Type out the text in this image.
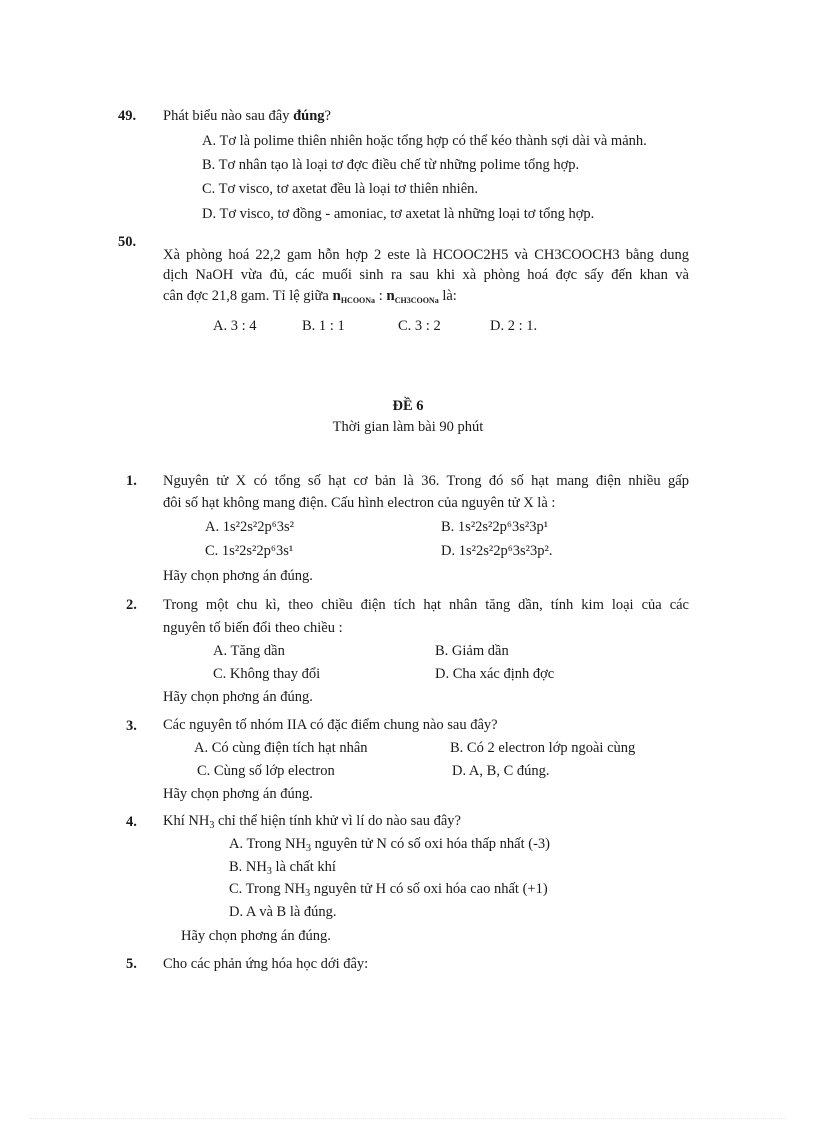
49. Phát biểu nào sau đây đúng?
A. Tơ là polime thiên nhiên hoặc tổng hợp có thể kéo thành sợi dài và mảnh.
B. Tơ nhân tạo là loại tơ đợc điều chế từ những polime tổng hợp.
C. Tơ visco, tơ axetat đều là loại tơ thiên nhiên.
D. Tơ visco, tơ đồng - amoniac, tơ axetat là những loại tơ tổng hợp.
50.
Xà phòng hoá 22,2 gam hỗn hợp 2 este là HCOOC2H5 và CH3COOCH3 bằng dung
dịch NaOH vừa đủ, các muối sinh ra sau khi xà phòng hoá đợc sấy đến khan và
cân đợc 21,8 gam. Tỉ lệ giữa $n_{HCOONa}$ : $n_{CH3COONa}$ là:
A. 3 : 4	B. 1 : 1	C. 3 : 2	D. 2 : 1.
ĐỀ 6
Thời gian làm bài 90 phút
1. Nguyên tử X có tổng số hạt cơ bản là 36. Trong đó số hạt mang điện nhiều gấp
đôi số hạt không mang điện. Cấu hình electron của nguyên tử X là :
A. 1s²2s²2p⁶3s²	B. 1s²2s²2p⁶3s²3p¹
C. 1s²2s²2p⁶3s¹	D. 1s²2s²2p⁶3s²3p².
Hãy chọn phơng án đúng.
2. Trong một chu kì, theo chiều điện tích hạt nhân tăng dần, tính kim loại của các
nguyên tố biến đổi theo chiều :
A. Tăng dần	B. Giảm dần
C. Không thay đổi	D. Cha xác định đợc
Hãy chọn phơng án đúng.
3. Các nguyên tố nhóm IIA có đặc điểm chung nào sau đây?
A. Có cùng điện tích hạt nhân	B. Có 2 electron lớp ngoài cùng
C. Cùng số lớp electron	D. A, B, C đúng.
Hãy chọn phơng án đúng.
4. Khí $NH_3$ chỉ thể hiện tính khử vì lí do nào sau đây?
A. Trong $NH_3$ nguyên tử N có số oxi hóa thấp nhất (-3)
B. $NH_3$ là chất khí
C. Trong $NH_3$ nguyên tử H có số oxi hóa cao nhất (+1)
D. A và B là đúng.
Hãy chọn phơng án đúng.
5. Cho các phản ứng hóa học dới đây:
